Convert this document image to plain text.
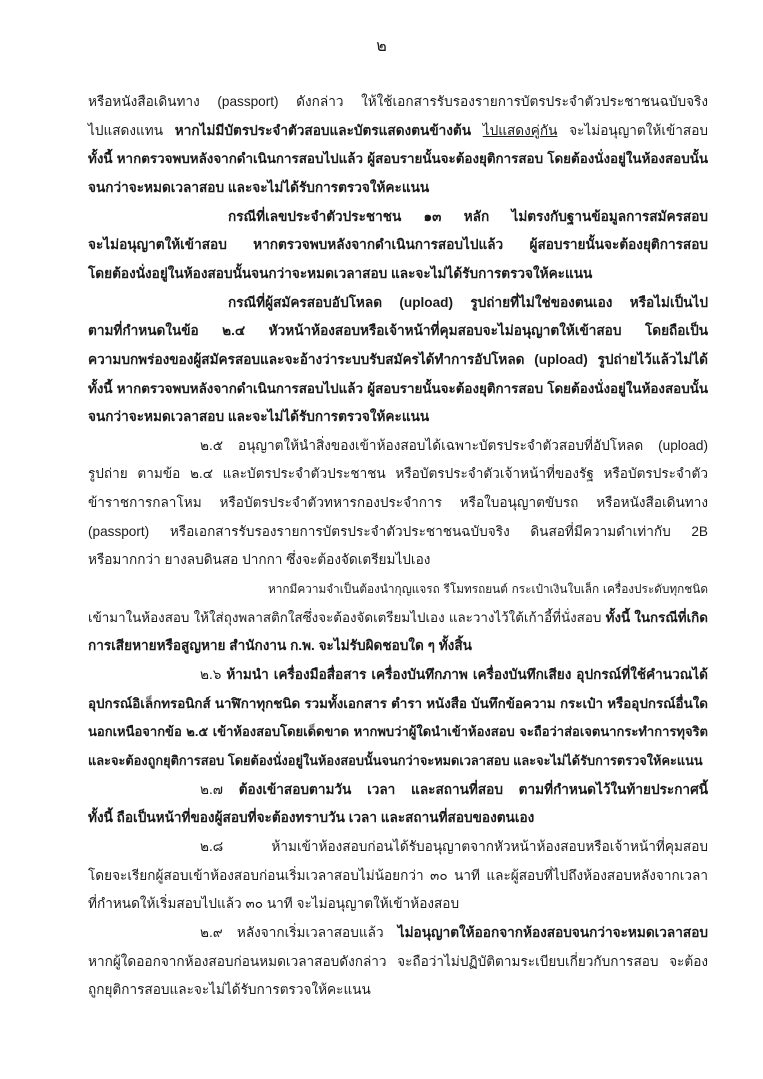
๒
หรือหนังสือเดินทาง (passport) ดังกล่าว ให้ใช้เอกสารรับรองรายการบัตรประจำตัวประชาชนฉบับจริง
ไปแสดงแทน หากไม่มีบัตรประจำตัวสอบและบัตรแสดงตนข้างต้น ไปแสดงคู่กัน จะไม่อนุญาตให้เข้าสอบ
ทั้งนี้ หากตรวจพบหลังจากดำเนินการสอบไปแล้ว ผู้สอบรายนั้นจะต้องยุติการสอบ โดยต้องนั่งอยู่ในห้องสอบนั้น
จนกว่าจะหมดเวลาสอบ และจะไม่ได้รับการตรวจให้คะแนน
กรณีที่เลขประจำตัวประชาชน ๑๓ หลัก ไม่ตรงกับฐานข้อมูลการสมัครสอบ
จะไม่อนุญาตให้เข้าสอบ หากตรวจพบหลังจากดำเนินการสอบไปแล้ว ผู้สอบรายนั้นจะต้องยุติการสอบ
โดยต้องนั่งอยู่ในห้องสอบนั้นจนกว่าจะหมดเวลาสอบ และจะไม่ได้รับการตรวจให้คะแนน
กรณีที่ผู้สมัครสอบอัปโหลด (upload) รูปถ่ายที่ไม่ใช่ของตนเอง หรือไม่เป็นไป
ตามที่กำหนดในข้อ ๒.๔ หัวหน้าห้องสอบหรือเจ้าหน้าที่คุมสอบจะไม่อนุญาตให้เข้าสอบ โดยถือเป็น
ความบกพร่องของผู้สมัครสอบและจะอ้างว่าระบบรับสมัครได้ทำการอัปโหลด (upload) รูปถ่ายไว้แล้วไม่ได้
ทั้งนี้ หากตรวจพบหลังจากดำเนินการสอบไปแล้ว ผู้สอบรายนั้นจะต้องยุติการสอบ โดยต้องนั่งอยู่ในห้องสอบนั้น
จนกว่าจะหมดเวลาสอบ และจะไม่ได้รับการตรวจให้คะแนน
๒.๕ อนุญาตให้นำสิ่งของเข้าห้องสอบได้เฉพาะบัตรประจำตัวสอบที่อัปโหลด (upload)
รูปถ่าย ตามข้อ ๒.๔ และบัตรประจำตัวประชาชน หรือบัตรประจำตัวเจ้าหน้าที่ของรัฐ หรือบัตรประจำตัว
ข้าราชการกลาโหม หรือบัตรประจำตัวทหารกองประจำการ หรือใบอนุญาตขับรถ หรือหนังสือเดินทาง
(passport) หรือเอกสารรับรองรายการบัตรประจำตัวประชาชนฉบับจริง ดินสอที่มีความดำเท่ากับ 2B
หรือมากกว่า ยางลบดินสอ ปากกา ซึ่งจะต้องจัดเตรียมไปเอง
หากมีความจำเป็นต้องนำกุญแจรถ รีโมทรถยนต์ กระเป๋าเงินใบเล็ก เครื่องประดับทุกชนิด
เข้ามาในห้องสอบ ให้ใส่ถุงพลาสติกใสซึ่งจะต้องจัดเตรียมไปเอง และวางไว้ใต้เก้าอี้ที่นั่งสอบ ทั้งนี้ ในกรณีที่เกิด
การเสียหายหรือสูญหาย สำนักงาน ก.พ. จะไม่รับผิดชอบใด ๆ ทั้งสิ้น
๒.๖ ห้ามนำ เครื่องมือสื่อสาร เครื่องบันทึกภาพ เครื่องบันทึกเสียง อุปกรณ์ที่ใช้คำนวณได้
อุปกรณ์อิเล็กทรอนิกส์ นาฬิกาทุกชนิด รวมทั้งเอกสาร ตำรา หนังสือ บันทึกข้อความ กระเป๋า หรืออุปกรณ์อื่นใด
นอกเหนือจากข้อ ๒.๕ เข้าห้องสอบโดยเด็ดขาด หากพบว่าผู้ใดนำเข้าห้องสอบ จะถือว่าส่อเจตนากระทำการทุจริต
และจะต้องถูกยุติการสอบ โดยต้องนั่งอยู่ในห้องสอบนั้นจนกว่าจะหมดเวลาสอบ และจะไม่ได้รับการตรวจให้คะแนน
๒.๗ ต้องเข้าสอบตามวัน เวลา และสถานที่สอบ ตามที่กำหนดไว้ในท้ายประกาศนี้
ทั้งนี้ ถือเป็นหน้าที่ของผู้สอบที่จะต้องทราบวัน เวลา และสถานที่สอบของตนเอง
๒.๘ ห้ามเข้าห้องสอบก่อนได้รับอนุญาตจากหัวหน้าห้องสอบหรือเจ้าหน้าที่คุมสอบ
โดยจะเรียกผู้สอบเข้าห้องสอบก่อนเริ่มเวลาสอบไม่น้อยกว่า ๓๐ นาที และผู้สอบที่ไปถึงห้องสอบหลังจากเวลา
ที่กำหนดให้เริ่มสอบไปแล้ว ๓๐ นาที จะไม่อนุญาตให้เข้าห้องสอบ
๒.๙ หลังจากเริ่มเวลาสอบแล้ว ไม่อนุญาตให้ออกจากห้องสอบจนกว่าจะหมดเวลาสอบ
หากผู้ใดออกจากห้องสอบก่อนหมดเวลาสอบดังกล่าว จะถือว่าไม่ปฏิบัติตามระเบียบเกี่ยวกับการสอบ จะต้อง
ถูกยุติการสอบและจะไม่ได้รับการตรวจให้คะแนน
